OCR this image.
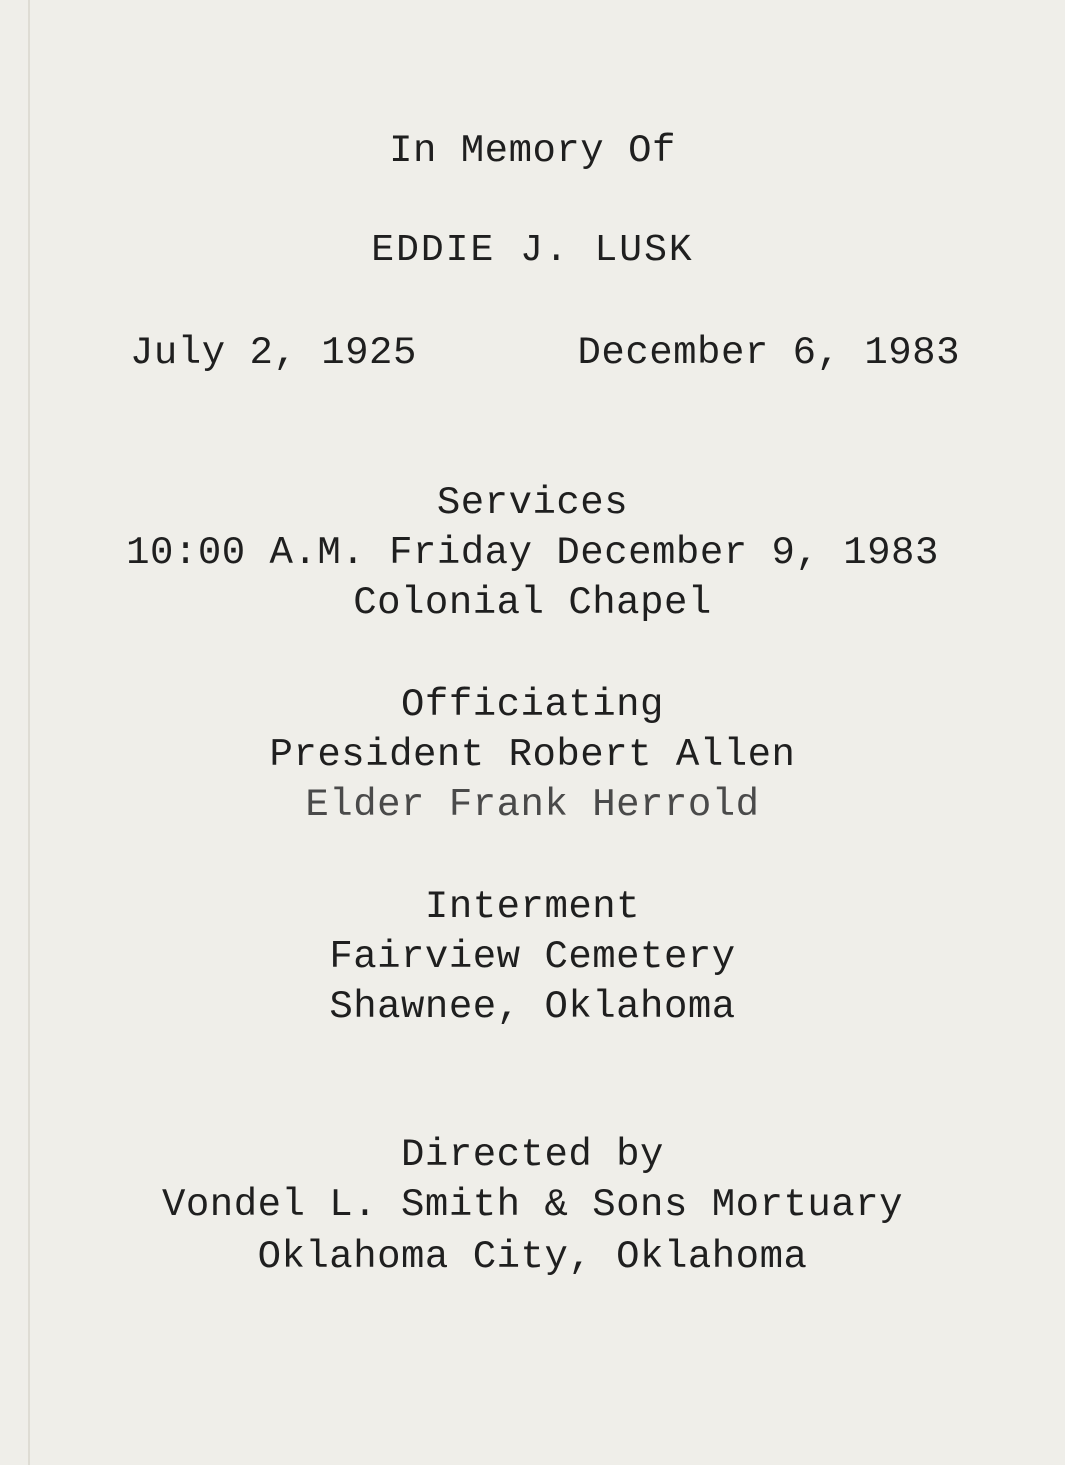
In Memory Of
EDDIE J. LUSK
July 2, 1925	December 6, 1983
Services
10:00 A.M. Friday December 9, 1983
Colonial Chapel
Officiating
President Robert Allen
Elder Frank Herrold
Interment
Fairview Cemetery
Shawnee, Oklahoma
Directed by
Vondel L. Smith & Sons Mortuary
Oklahoma City, Oklahoma
